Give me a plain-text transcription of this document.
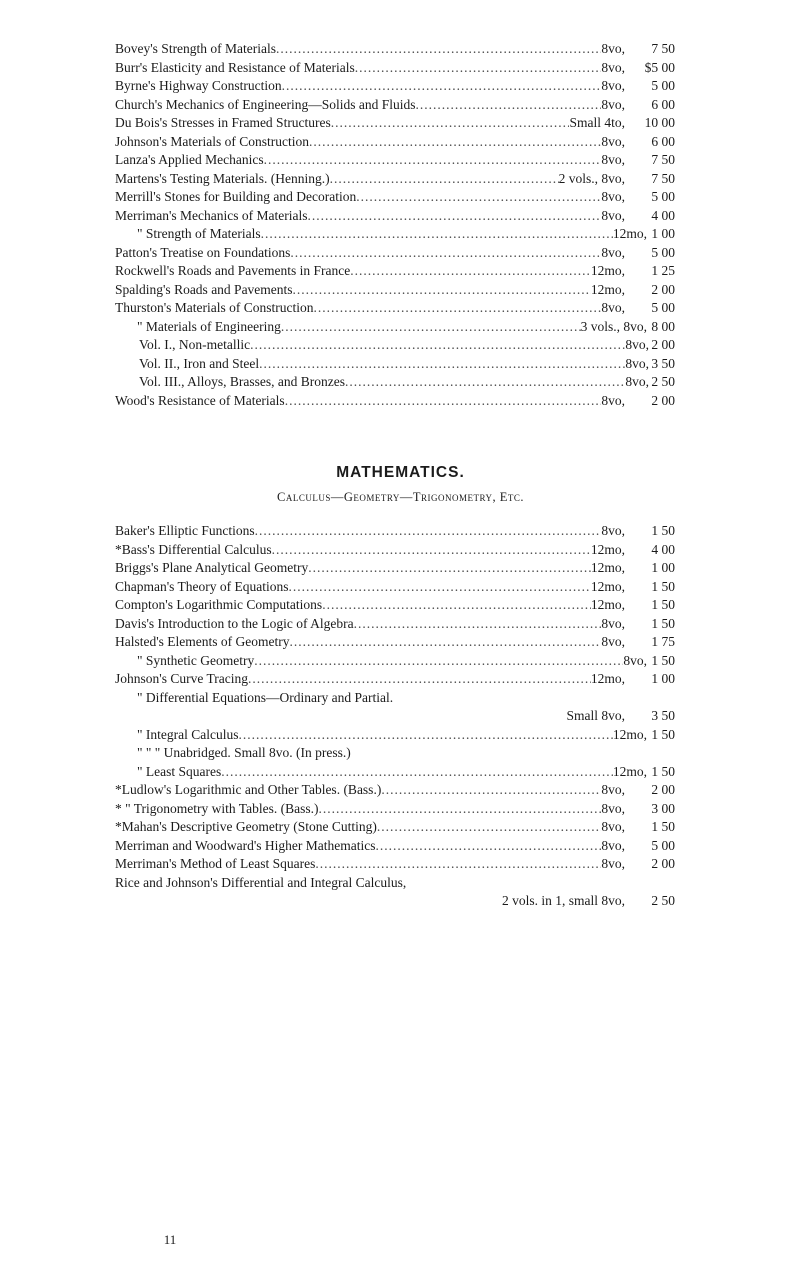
Bovey's Strength of Materials .....	8vo,	7 50
Burr's Elasticity and Resistance of Materials .....	8vo,	$5 00
Byrne's Highway Construction .....	8vo,	5 00
Church's Mechanics of Engineering—Solids and Fluids .....	8vo,	6 00
Du Bois's Stresses in Framed Structures .....	Small 4to,	10 00
Johnson's Materials of Construction .....	8vo,	6 00
Lanza's Applied Mechanics .....	8vo,	7 50
Martens's Testing Materials. (Henning.) .....	2 vols., 8vo,	7 50
Merrill's Stones for Building and Decoration .....	8vo,	5 00
Merriman's Mechanics of Materials .....	8vo,	4 00
" Strength of Materials .....	12mo, 1 00
Patton's Treatise on Foundations .....	8vo,	5 00
Rockwell's Roads and Pavements in France .....	12mo,	1 25
Spalding's Roads and Pavements .....	12mo,	2 00
Thurston's Materials of Construction .....	8vo,	5 00
" Materials of Engineering .....	3 vols., 8vo, 8 00
Vol. I., Non-metallic .....	8vo, 2 00
Vol. II., Iron and Steel .....	8vo, 3 50
Vol. III., Alloys, Brasses, and Bronzes .....	8vo, 2 50
Wood's Resistance of Materials .....	8vo,	2 00
MATHEMATICS.
Calculus—Geometry—Trigonometry, Etc.
Baker's Elliptic Functions .....	8vo,	1 50
*Bass's Differential Calculus .....	12mo,	4 00
Briggs's Plane Analytical Geometry .....	12mo,	1 00
Chapman's Theory of Equations .....	12mo,	1 50
Compton's Logarithmic Computations .....	12mo,	1 50
Davis's Introduction to the Logic of Algebra .....	8vo,	1 50
Halsted's Elements of Geometry .....	8vo,	1 75
" Synthetic Geometry .....	8vo, 1 50
Johnson's Curve Tracing .....	12mo,	1 00
" Differential Equations—Ordinary and Partial.
Small 8vo,	3 50
" Integral Calculus .....	12mo, 1 50
" " " Unabridged. Small 8vo. (In press.)
" Least Squares .....	12mo, 1 50
*Ludlow's Logarithmic and Other Tables. (Bass.) .....	8vo,	2 00
* " Trigonometry with Tables. (Bass.) .....	8vo,	3 00
*Mahan's Descriptive Geometry (Stone Cutting) .....	8vo,	1 50
Merriman and Woodward's Higher Mathematics .....	8vo,	5 00
Merriman's Method of Least Squares .....	8vo,	2 00
Rice and Johnson's Differential and Integral Calculus,
2 vols. in 1, small 8vo,	2 50
11
